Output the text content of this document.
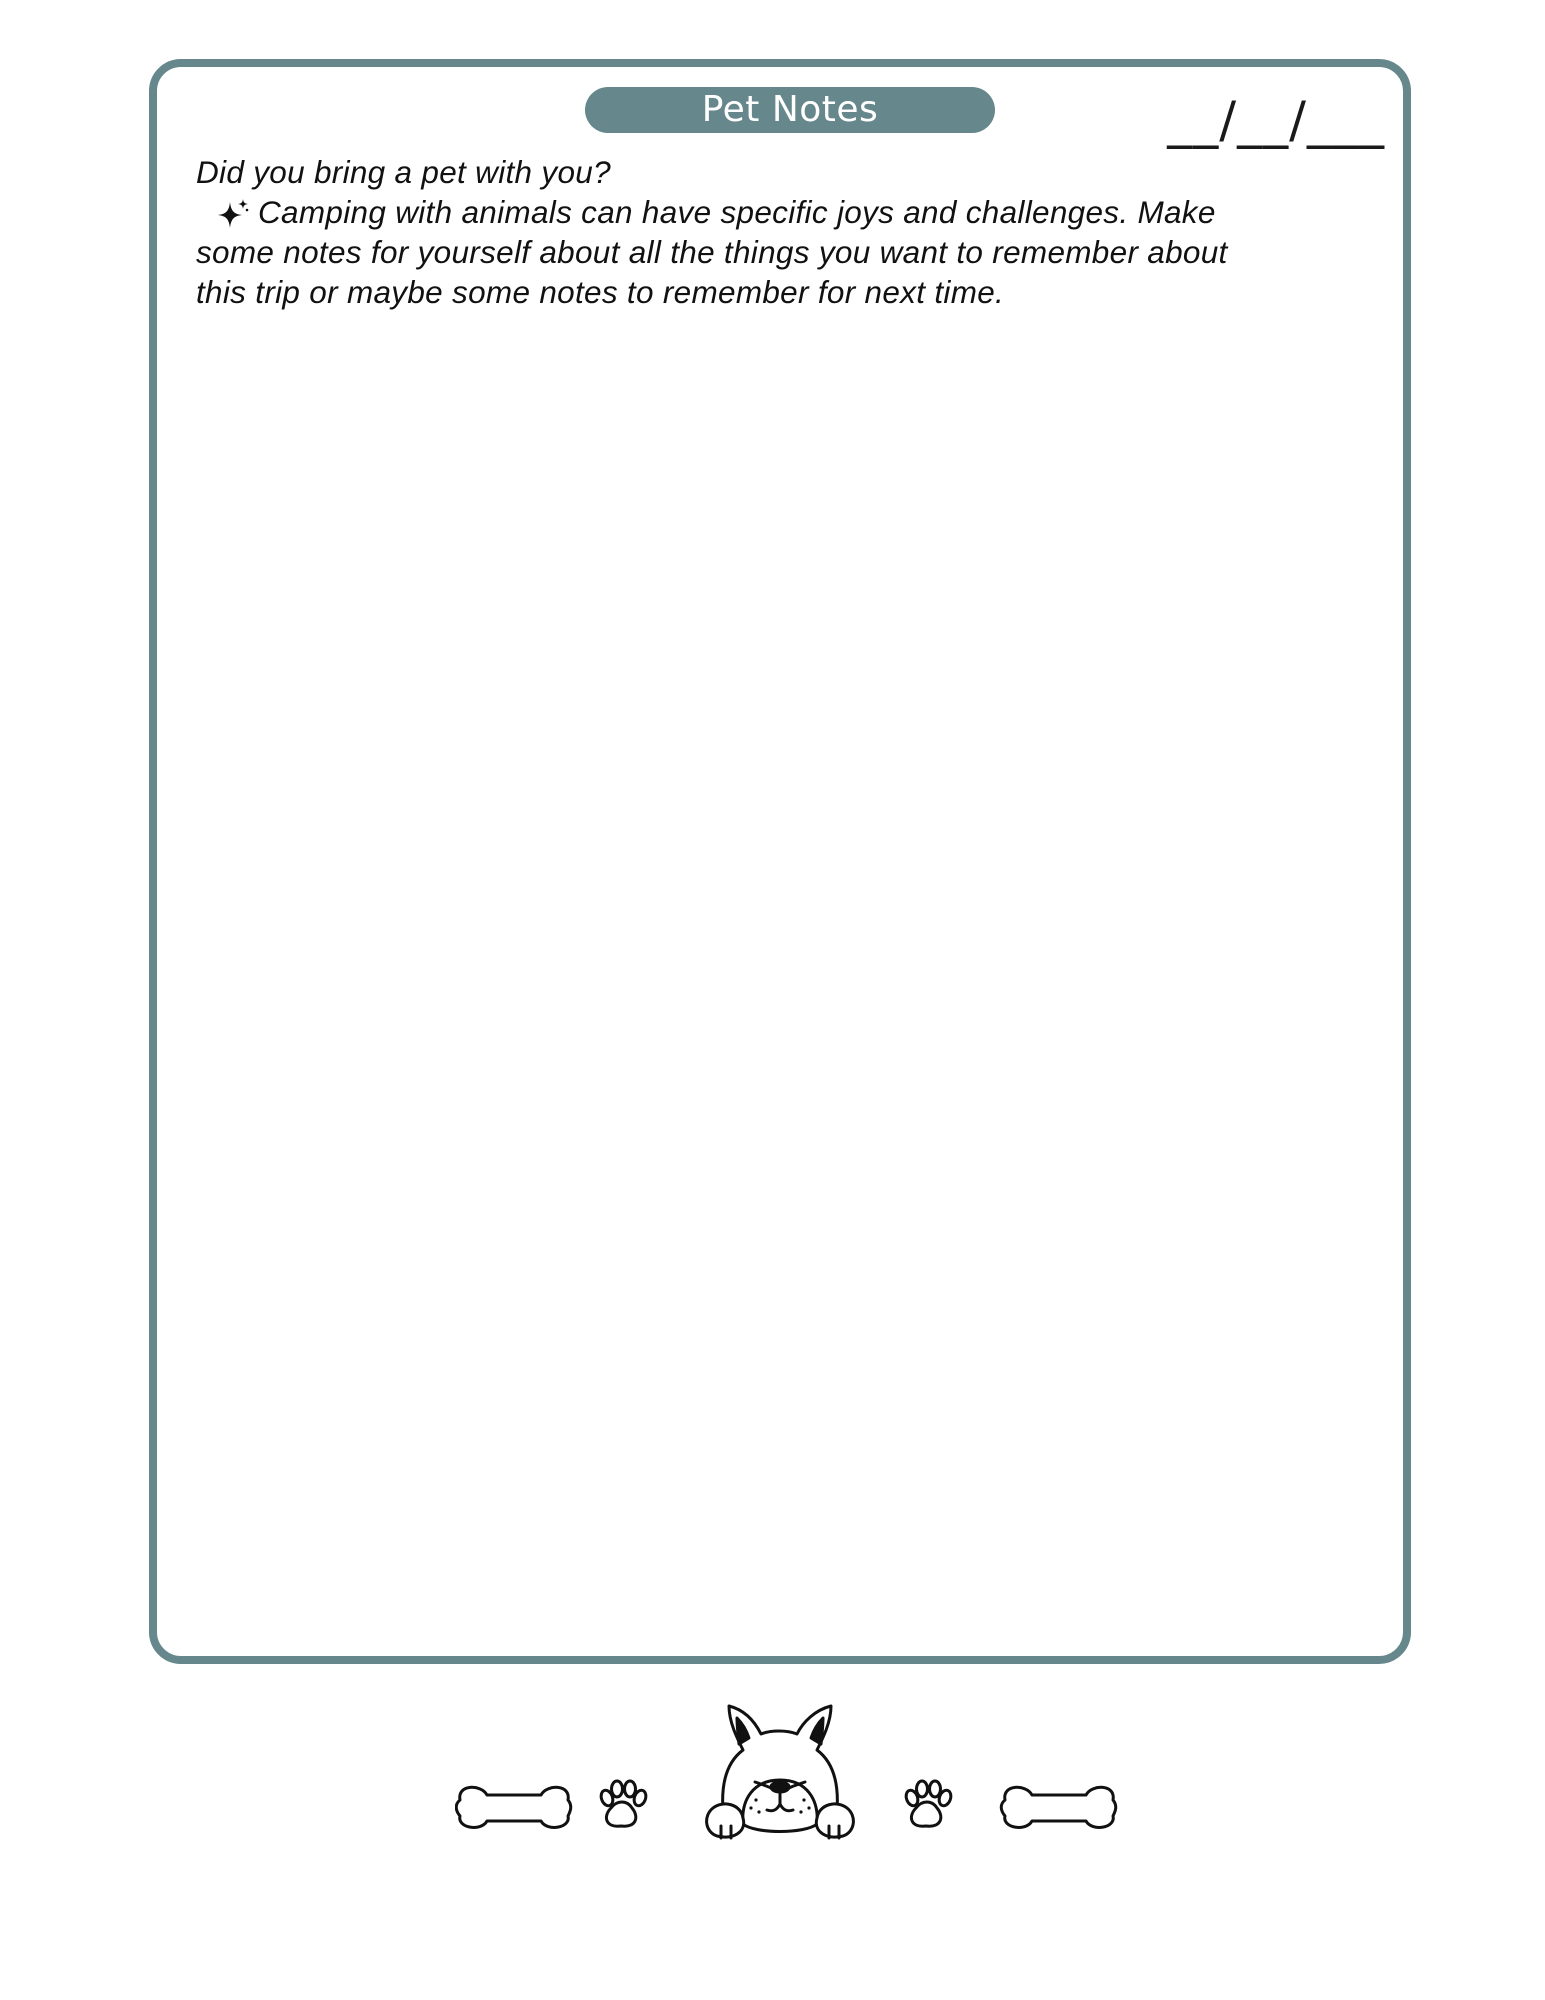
Pet Notes	__/__/___

Did you bring a pet with you?

Camping with animals can have specific joys and challenges. Make
some notes for yourself about all the things you want to remember about
this trip or maybe some notes to remember for next time.
